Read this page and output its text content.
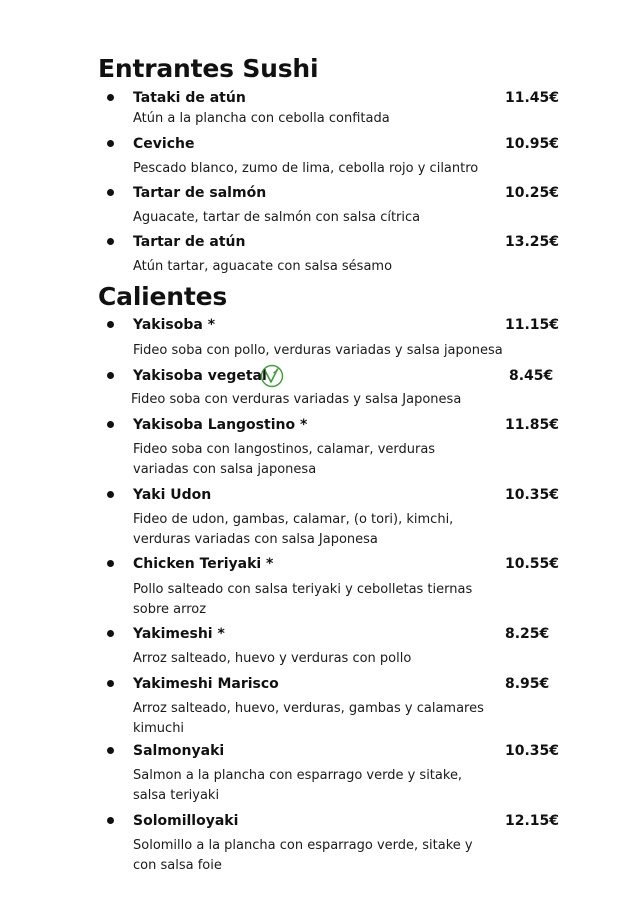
Entrantes Sushi
Tataki de atún	11.45€
Atún a la plancha con cebolla confitada
Ceviche	10.95€
Pescado blanco, zumo de lima, cebolla rojo y cilantro
Tartar de salmón	10.25€
Aguacate, tartar de salmón con salsa cítrica
Tartar de atún	13.25€
Atún tartar, aguacate con salsa sésamo
Calientes
Yakisoba *	11.15€
Fideo soba con pollo, verduras variadas y salsa japonesa
Yakisoba vegetal	8.45€
Fideo soba con verduras variadas y salsa Japonesa
Yakisoba Langostino *	11.85€
Fideo soba con langostinos, calamar, verduras variadas con salsa japonesa
Yaki Udon	10.35€
Fideo de udon, gambas, calamar, (o tori), kimchi, verduras variadas con salsa Japonesa
Chicken Teriyaki *	10.55€
Pollo salteado con salsa teriyaki y cebolletas tiernas sobre arroz
Yakimeshi *	8.25€
Arroz salteado, huevo y verduras con pollo
Yakimeshi Marisco	8.95€
Arroz salteado, huevo, verduras, gambas y calamares kimuchi
Salmonyaki	10.35€
Salmon a la plancha con esparrago verde y sitake, salsa teriyaki
Solomilloyaki	12.15€
Solomillo a la plancha con esparrago verde, sitake y con salsa foie
